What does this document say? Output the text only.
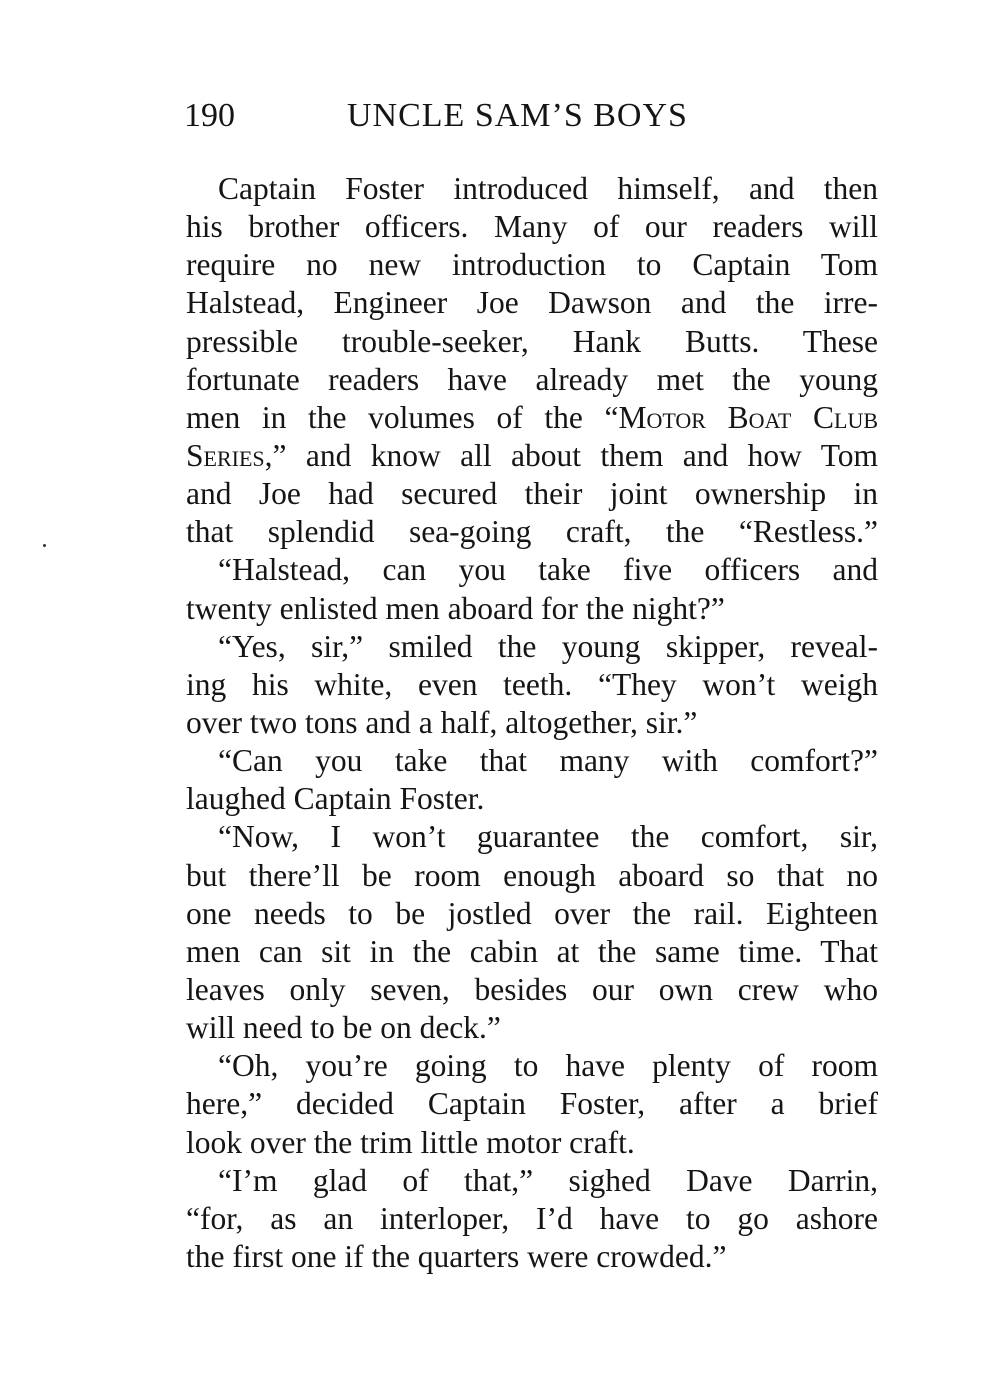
190	UNCLE SAM’S BOYS
Captain Foster introduced himself, and then
his brother officers. Many of our readers will
require no new introduction to Captain Tom
Halstead, Engineer Joe Dawson and the irre-
pressible trouble-seeker, Hank Butts. These
fortunate readers have already met the young
men in the volumes of the “Motor Boat Club
Series,” and know all about them and how Tom
and Joe had secured their joint ownership in
that splendid sea-going craft, the “Restless.”
“Halstead, can you take five officers and
twenty enlisted men aboard for the night?”
“Yes, sir,” smiled the young skipper, reveal-
ing his white, even teeth. “They won’t weigh
over two tons and a half, altogether, sir.”
“Can you take that many with comfort?”
laughed Captain Foster.
“Now, I won’t guarantee the comfort, sir,
but there’ll be room enough aboard so that no
one needs to be jostled over the rail. Eighteen
men can sit in the cabin at the same time. That
leaves only seven, besides our own crew who
will need to be on deck.”
“Oh, you’re going to have plenty of room
here,” decided Captain Foster, after a brief
look over the trim little motor craft.
“I’m glad of that,” sighed Dave Darrin,
“for, as an interloper, I’d have to go ashore
the first one if the quarters were crowded.”
